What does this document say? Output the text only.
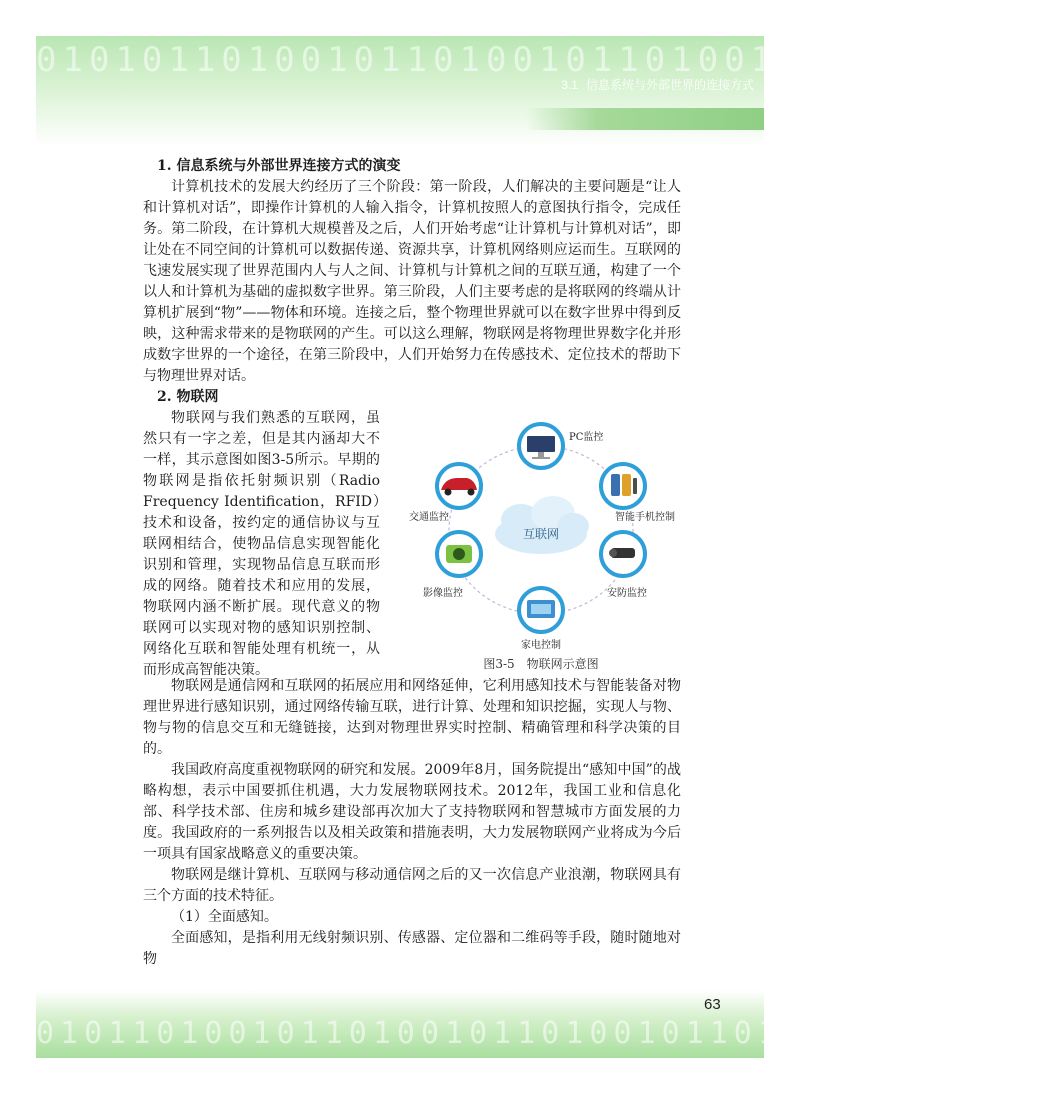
01010110100101101001011010010110100101
3.1 信息系统与外部世界的连接方式
1. 信息系统与外部世界连接方式的演变

计算机技术的发展大约经历了三个阶段：第一阶段，人们解决的主要问题是“让人和计算机对话”，即操作计算机的人输入指令，计算机按照人的意图执行指令，完成任务。第二阶段，在计算机大规模普及之后，人们开始考虑“让计算机与计算机对话”，即让处在不同空间的计算机可以数据传递、资源共享，计算机网络则应运而生。互联网的飞速发展实现了世界范围内人与人之间、计算机与计算机之间的互联互通，构建了一个以人和计算机为基础的虚拟数字世界。第三阶段，人们主要考虑的是将联网的终端从计算机扩展到“物”——物体和环境。连接之后，整个物理世界就可以在数字世界中得到反映，这种需求带来的是物联网的产生。可以这么理解，物联网是将物理世界数字化并形成数字世界的一个途径，在第三阶段中，人们开始努力在传感技术、定位技术的帮助下与物理世界对话。

2. 物联网

物联网与我们熟悉的互联网，虽然只有一字之差，但是其内涵却大不一样，其示意图如图3-5所示。早期的物联网是指依托射频识别（Radio Frequency Identification，RFID）技术和设备，按约定的通信协议与互联网相结合，使物品信息实现智能化识别和管理，实现物品信息互联而形成的网络。随着技术和应用的发展，物联网内涵不断扩展。现代意义的物联网可以实现对物的感知识别控制、网络化互联和智能处理有机统一，从而形成高智能决策。

互联网
PC监控
智能手机控制
安防监控
家电控制
影像监控
交通监控
图3-5 物联网示意图

物联网是通信网和互联网的拓展应用和网络延伸，它利用感知技术与智能装备对物理世界进行感知识别，通过网络传输互联，进行计算、处理和知识挖掘，实现人与物、物与物的信息交互和无缝链接，达到对物理世界实时控制、精确管理和科学决策的目的。

我国政府高度重视物联网的研究和发展。2009年8月，国务院提出“感知中国”的战略构想，表示中国要抓住机遇，大力发展物联网技术。2012年，我国工业和信息化部、科学技术部、住房和城乡建设部再次加大了支持物联网和智慧城市方面发展的力度。我国政府的一系列报告以及相关政策和措施表明，大力发展物联网产业将成为今后一项具有国家战略意义的重要决策。

物联网是继计算机、互联网与移动通信网之后的又一次信息产业浪潮，物联网具有三个方面的技术特征。

（1）全面感知。

全面感知，是指利用无线射频识别、传感器、定位器和二维码等手段，随时随地对物

0101101001011010010110100101101001
63
